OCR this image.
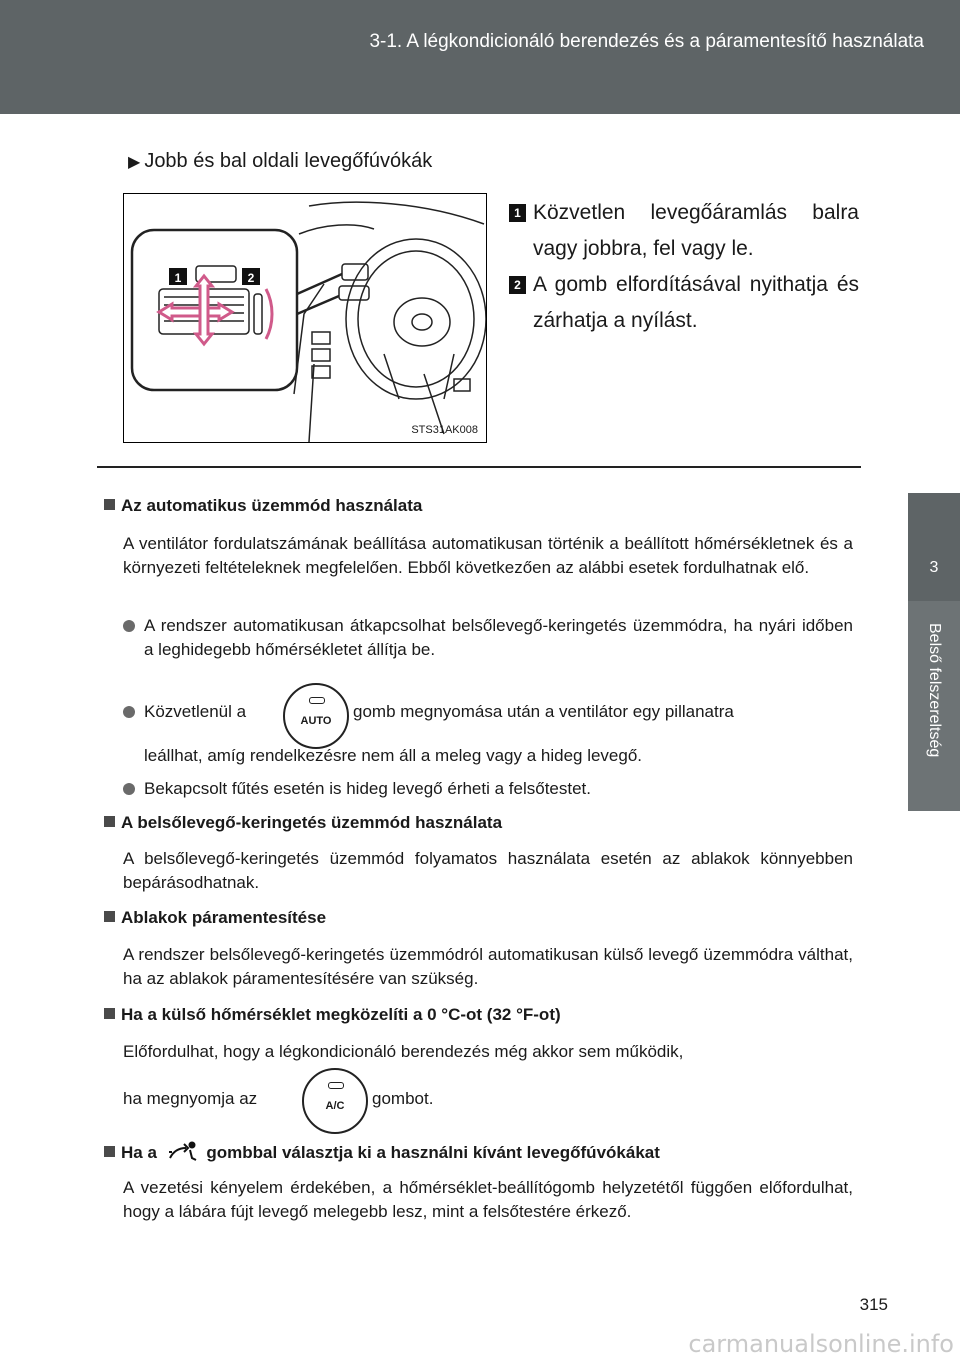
3-1. A légkondicionáló berendezés és a páramentesítő használata
3
Belső felszereltség
▶ Jobb és bal oldali levegőfúvókák
1	2
STS31AK008
1 Közvetlen levegőáramlás balra vagy jobbra, fel vagy le.
2 A gomb elfordításával nyithatja és zárhatja a nyílást.
Az automatikus üzemmód használata
A ventilátor fordulatszámának beállítása automatikusan történik a beállított hőmérsékletnek és a környezeti feltételeknek megfelelően. Ebből következően az alábbi esetek fordulhatnak elő.
A rendszer automatikusan átkapcsolhat belsőlevegő-keringetés üzemmódra, ha nyári időben a leghidegebb hőmérsékletet állítja be.
Közvetlenül a	AUTO	gomb megnyomása után a ventilátor egy pillanatra
leállhat, amíg rendelkezésre nem áll a meleg vagy a hideg levegő.
Bekapcsolt fűtés esetén is hideg levegő érheti a felsőtestet.
A belsőlevegő-keringetés üzemmód használata
A belsőlevegő-keringetés üzemmód folyamatos használata esetén az ablakok könnyebben bepárásodhatnak.
Ablakok páramentesítése
A rendszer belsőlevegő-keringetés üzemmódról automatikusan külső levegő üzemmódra válthat, ha az ablakok páramentesítésére van szükség.
Ha a külső hőmérséklet megközelíti a 0 °C-ot (32 °F-ot)
Előfordulhat, hogy a légkondicionáló berendezés még akkor sem működik,
ha megnyomja az	A/C	gombot.
Ha a	gombbal választja ki a használni kívánt levegőfúvókákat
A vezetési kényelem érdekében, a hőmérséklet-beállítógomb helyzetétől függően előfordulhat, hogy a lábára fújt levegő melegebb lesz, mint a felsőtestére érkező.
315
carmanualsonline.info
